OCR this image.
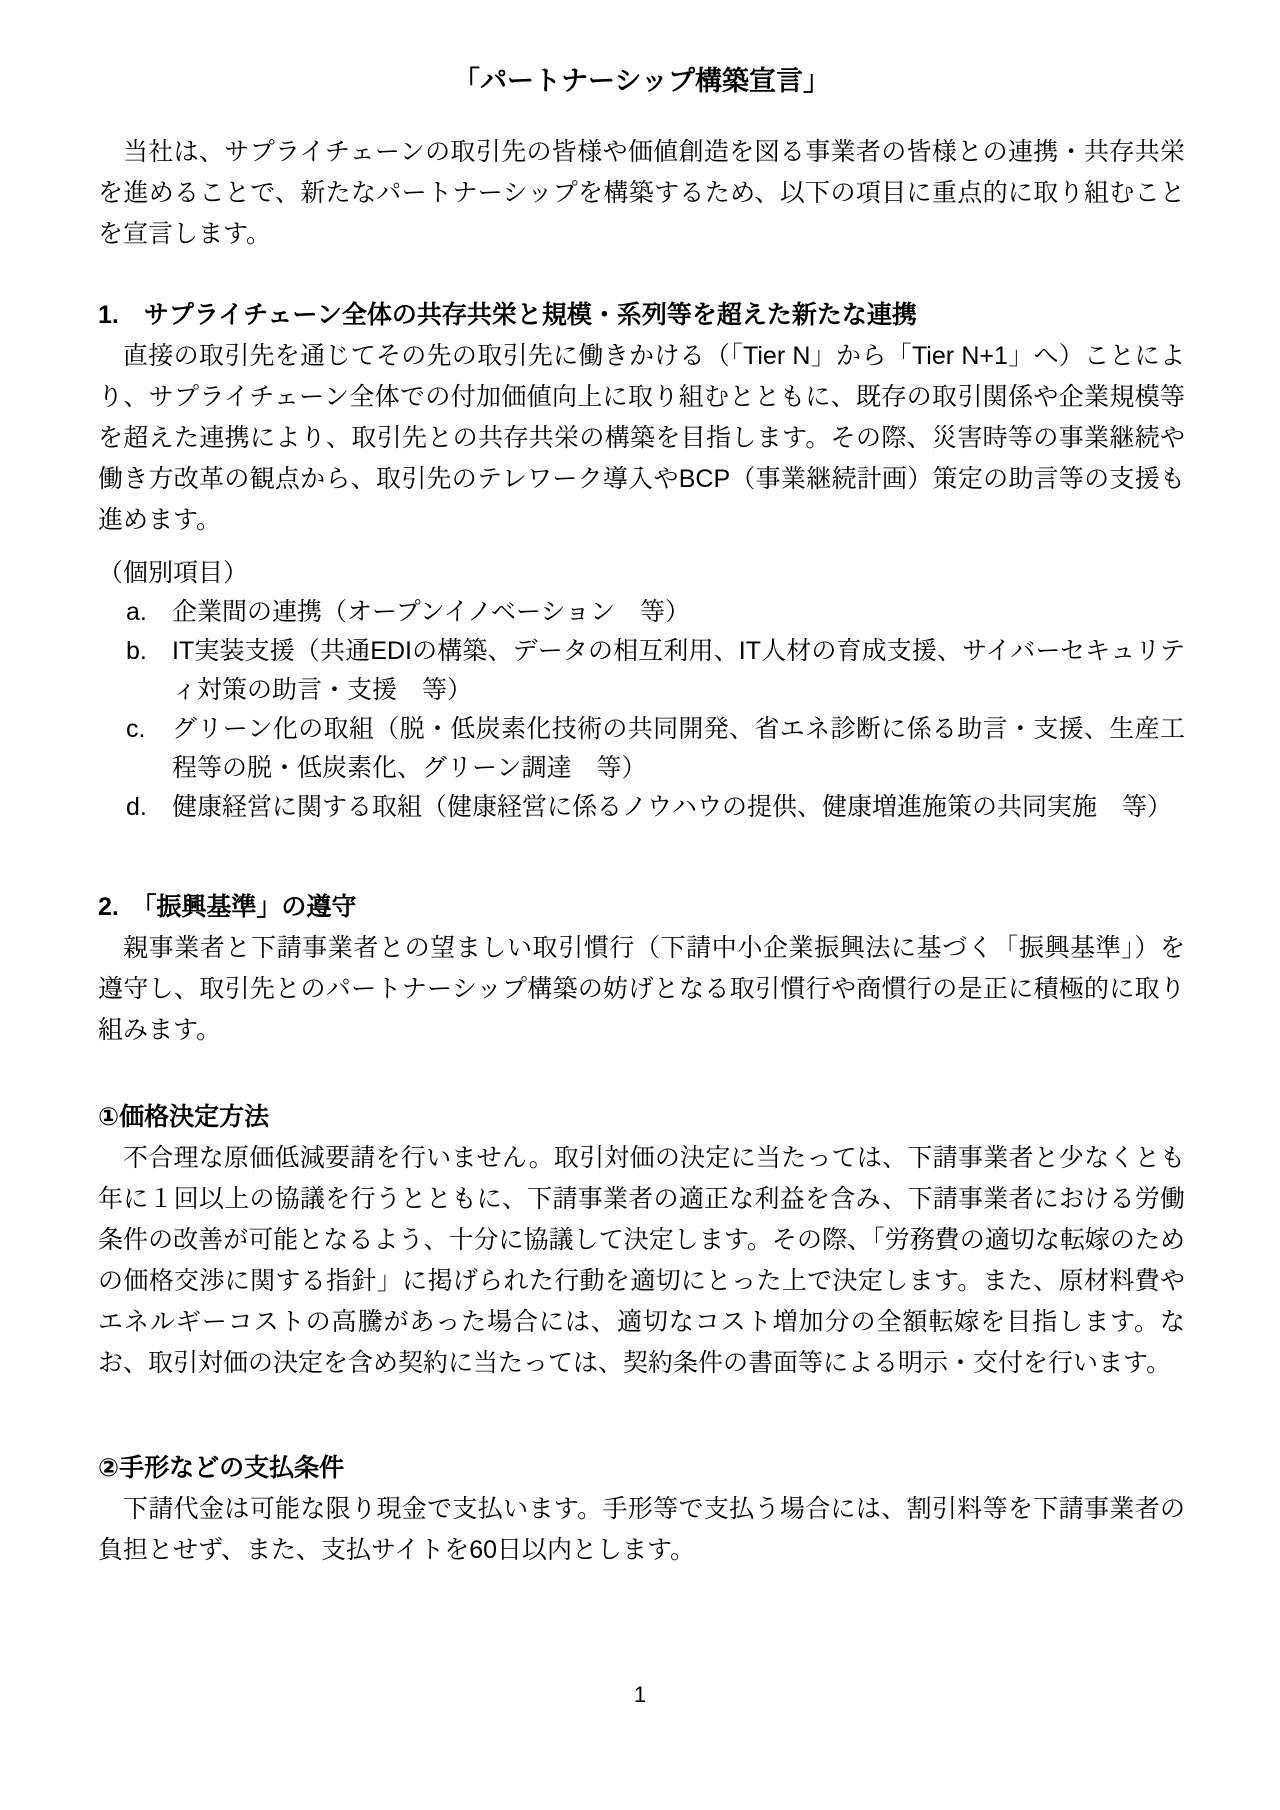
「パートナーシップ構築宣言」

当社は、サプライチェーンの取引先の皆様や価値創造を図る事業者の皆様との連携・共存共栄を進めることで、新たなパートナーシップを構築するため、以下の項目に重点的に取り組むことを宣言します。

1.　サプライチェーン全体の共存共栄と規模・系列等を超えた新たな連携

直接の取引先を通じてその先の取引先に働きかける（「Tier N」から「Tier N+1」へ）ことにより、サプライチェーン全体での付加価値向上に取り組むとともに、既存の取引関係や企業規模等を超えた連携により、取引先との共存共栄の構築を目指します。その際、災害時等の事業継続や働き方改革の観点から、取引先のテレワーク導入やBCP（事業継続計画）策定の助言等の支援も進めます。

（個別項目）
a.	企業間の連携（オープンイノベーション　等）
b.	IT実装支援（共通EDIの構築、データの相互利用、IT人材の育成支援、サイバーセキュリティ対策の助言・支援　等）
c.	グリーン化の取組（脱・低炭素化技術の共同開発、省エネ診断に係る助言・支援、生産工程等の脱・低炭素化、グリーン調達　等）
d.	健康経営に関する取組（健康経営に係るノウハウの提供、健康増進施策の共同実施　等）
2.　「振興基準」の遵守

親事業者と下請事業者との望ましい取引慣行（下請中小企業振興法に基づく「振興基準」）を遵守し、取引先とのパートナーシップ構築の妨げとなる取引慣行や商慣行の是正に積極的に取り組みます。

①価格決定方法

不合理な原価低減要請を行いません。取引対価の決定に当たっては、下請事業者と少なくとも年に１回以上の協議を行うとともに、下請事業者の適正な利益を含み、下請事業者における労働条件の改善が可能となるよう、十分に協議して決定します。その際、「労務費の適切な転嫁のための価格交渉に関する指針」に掲げられた行動を適切にとった上で決定します。また、原材料費やエネルギーコストの高騰があった場合には、適切なコスト増加分の全額転嫁を目指します。なお、取引対価の決定を含め契約に当たっては、契約条件の書面等による明示・交付を行います。

②手形などの支払条件

下請代金は可能な限り現金で支払います。手形等で支払う場合には、割引料等を下請事業者の負担とせず、また、支払サイトを60日以内とします。

1
